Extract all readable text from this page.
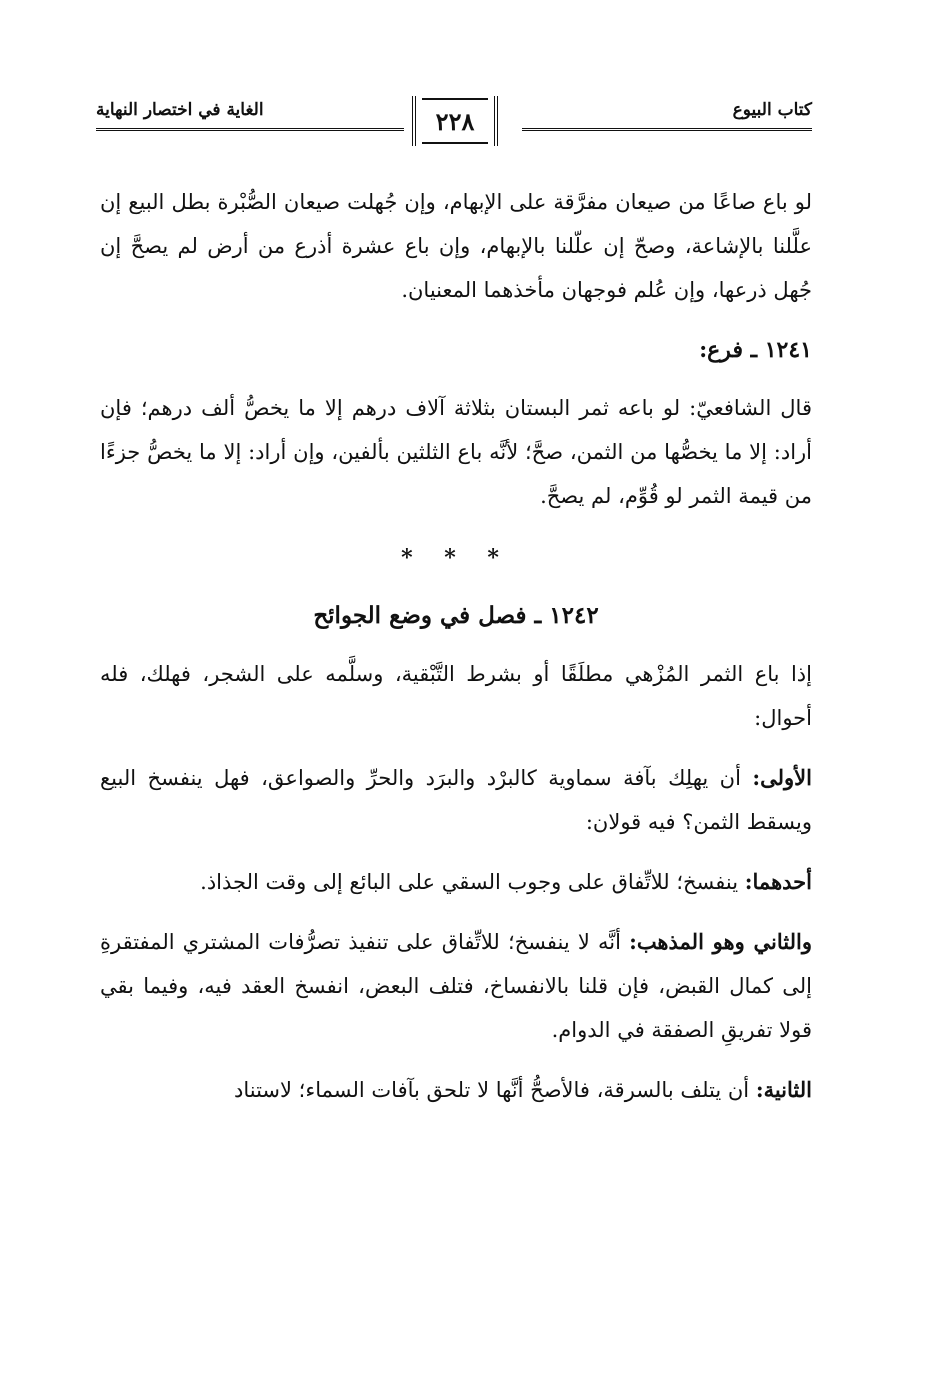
كتاب البيوع
٢٢٨
الغاية في اختصار النهاية

لو باع صاعًا من صيعان مفرَّقة على الإبهام، وإن جُهلت صيعان الصُّبْرة بطل البيع إن علَّلنا بالإشاعة، وصحّ إن علّلنا بالإبهام، وإن باع عشرة أذرع من أرض لم يصحَّ إن جُهل ذرعها، وإن عُلم فوجهان مأخذهما المعنيان.

١٢٤١ ـ فرع:

قال الشافعيّ: لو باعه ثمر البستان بثلاثة آلاف درهم إلا ما يخصُّ ألف درهم؛ فإن أراد: إلا ما يخصُّها من الثمن، صحَّ؛ لأنَّه باع الثلثين بألفين، وإن أراد: إلا ما يخصُّ جزءًا من قيمة الثمر لو قُوِّم، لم يصحَّ.

* * *
١٢٤٢ ـ فصل في وضع الجوائح

إذا باع الثمر المُزْهي مطلَقًا أو بشرط التَّبْقية، وسلَّمه على الشجر، فهلك، فله أحوال:

الأولى: أن يهلِك بآفة سماوية كالبرْد والبرَد والحرِّ والصواعق، فهل ينفسخ البيع ويسقط الثمن؟ فيه قولان:

أحدهما: ينفسخ؛ للاتِّفاق على وجوب السقي على البائع إلى وقت الجذاذ.

والثاني وهو المذهب: أنَّه لا ينفسخ؛ للاتِّفاق على تنفيذ تصرُّفات المشتري المفتقرةِ إلى كمال القبض، فإن قلنا بالانفساخ، فتلف البعض، انفسخ العقد فيه، وفيما بقي قولا تفريقِ الصفقة في الدوام.

الثانية: أن يتلف بالسرقة، فالأصحُّ أنَّها لا تلحق بآفات السماء؛ لاستناد
